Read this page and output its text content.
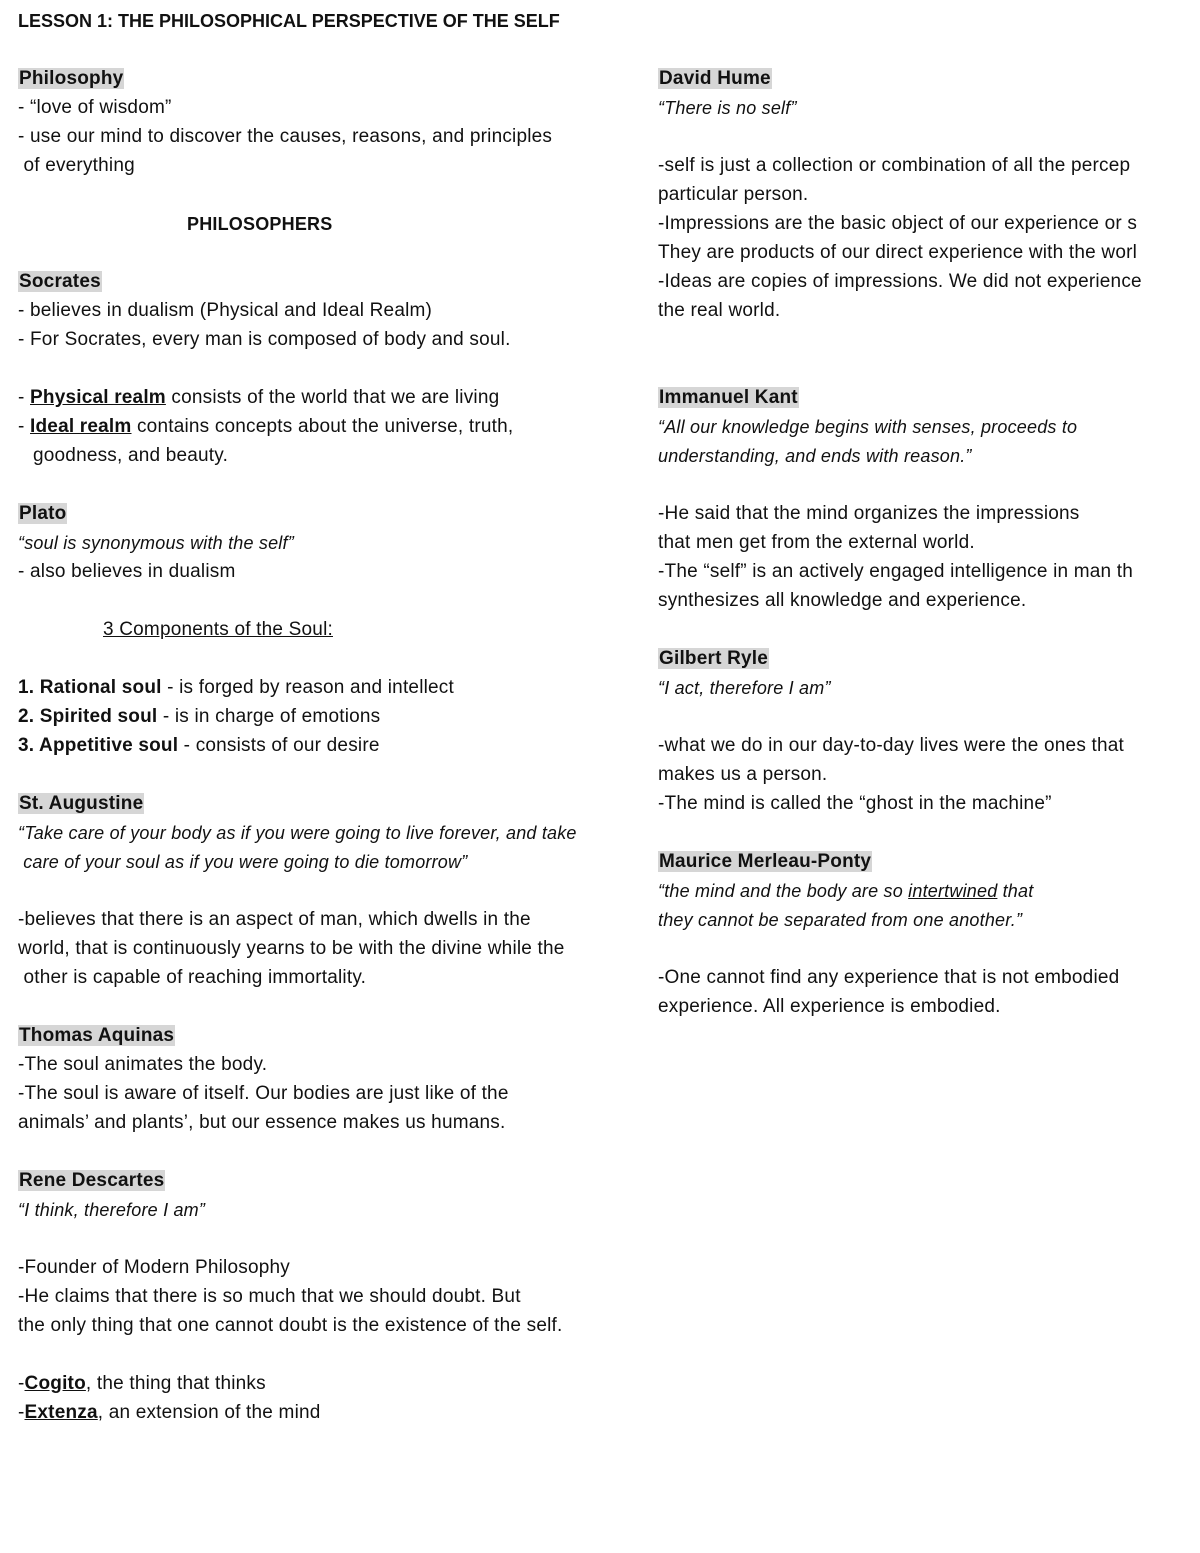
LESSON 1: THE PHILOSOPHICAL PERSPECTIVE OF THE SELF
Philosophy
- “love of wisdom”
- use our mind to discover the causes, reasons, and principles
of everything
PHILOSOPHERS
Socrates
- believes in dualism (Physical and Ideal Realm)
- For Socrates, every man is composed of body and soul.
- Physical realm consists of the world that we are living
- Ideal realm contains concepts about the universe, truth,
goodness, and beauty.
Plato
“soul is synonymous with the self”
- also believes in dualism
3 Components of the Soul:
1. Rational soul - is forged by reason and intellect
2. Spirited soul - is in charge of emotions
3. Appetitive soul - consists of our desire
St. Augustine
“Take care of your body as if you were going to live forever, and take
care of your soul as if you were going to die tomorrow”
-believes that there is an aspect of man, which dwells in the
world, that is continuously yearns to be with the divine while the
other is capable of reaching immortality.
Thomas Aquinas
-The soul animates the body.
-The soul is aware of itself. Our bodies are just like of the
animals’ and plants’, but our essence makes us humans.
Rene Descartes
“I think, therefore I am”
-Founder of Modern Philosophy
-He claims that there is so much that we should doubt. But
the only thing that one cannot doubt is the existence of the self.
-Cogito, the thing that thinks
-Extenza, an extension of the mind
David Hume
“There is no self”
-self is just a collection or combination of all the percep
particular person.
-Impressions are the basic object of our experience or s
They are products of our direct experience with the worl
-Ideas are copies of impressions. We did not experience
the real world.
Immanuel Kant
“All our knowledge begins with senses, proceeds to
understanding, and ends with reason.”
-He said that the mind organizes the impressions
that men get from the external world.
-The “self” is an actively engaged intelligence in man th
synthesizes all knowledge and experience.
Gilbert Ryle
“I act, therefore I am”
-what we do in our day-to-day lives were the ones that
makes us a person.
-The mind is called the “ghost in the machine”
Maurice Merleau-Ponty
“the mind and the body are so intertwined that
they cannot be separated from one another.”
-One cannot find any experience that is not embodied
experience. All experience is embodied.
